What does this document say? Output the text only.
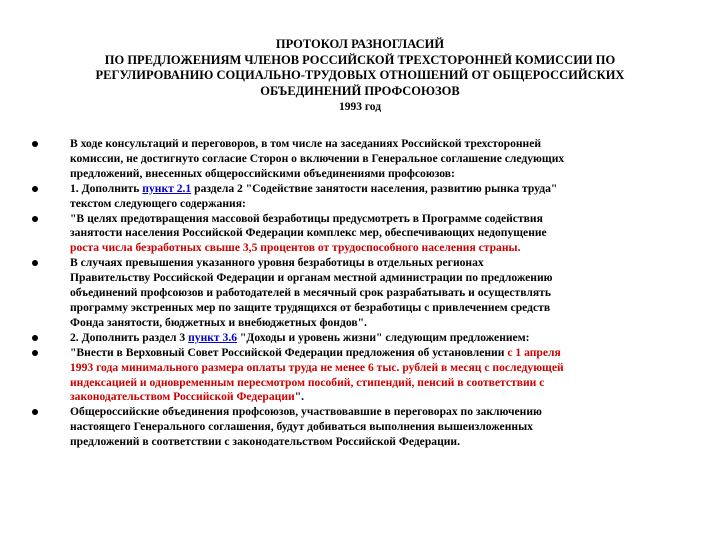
ПРОТОКОЛ РАЗНОГЛАСИЙ
ПО ПРЕДЛОЖЕНИЯМ ЧЛЕНОВ РОССИЙСКОЙ ТРЕХСТОРОННЕЙ КОМИССИИ ПО
РЕГУЛИРОВАНИЮ СОЦИАЛЬНО-ТРУДОВЫХ ОТНОШЕНИЙ ОТ ОБЩЕРОССИЙСКИХ
ОБЪЕДИНЕНИЙ ПРОФСОЮЗОВ
1993 год
В ходе консультаций и переговоров, в том числе на заседаниях Российской трехсторонней
комиссии, не достигнуто согласие Сторон о включении в Генеральное соглашение следующих
предложений, внесенных общероссийскими объединениями профсоюзов:
1. Дополнить пункт 2.1 раздела 2 "Содействие занятости населения, развитию рынка труда"
текстом следующего содержания:
"В целях предотвращения массовой безработицы предусмотреть в Программе содействия
занятости населения Российской Федерации комплекс мер, обеспечивающих недопущение
роста числа безработных свыше 3,5 процентов от трудоспособного населения страны.
В случаях превышения указанного уровня безработицы в отдельных регионах
Правительству Российской Федерации и органам местной администрации по предложению
объединений профсоюзов и работодателей в месячный срок разрабатывать и осуществлять
программу экстренных мер по защите трудящихся от безработицы с привлечением средств
Фонда занятости, бюджетных и внебюджетных фондов".
2. Дополнить раздел 3 пункт 3.6 "Доходы и уровень жизни" следующим предложением:
"Внести в Верховный Совет Российской Федерации предложения об установлении с 1 апреля
1993 года минимального размера оплаты труда не менее 6 тыс. рублей в месяц с последующей
индексацией и одновременным пересмотром пособий, стипендий, пенсий в соответствии с
законодательством Российской Федерации".
Общероссийские объединения профсоюзов, участвовавшие в переговорах по заключению
настоящего Генерального соглашения, будут добиваться выполнения вышеизложенных
предложений в соответствии с законодательством Российской Федерации.
